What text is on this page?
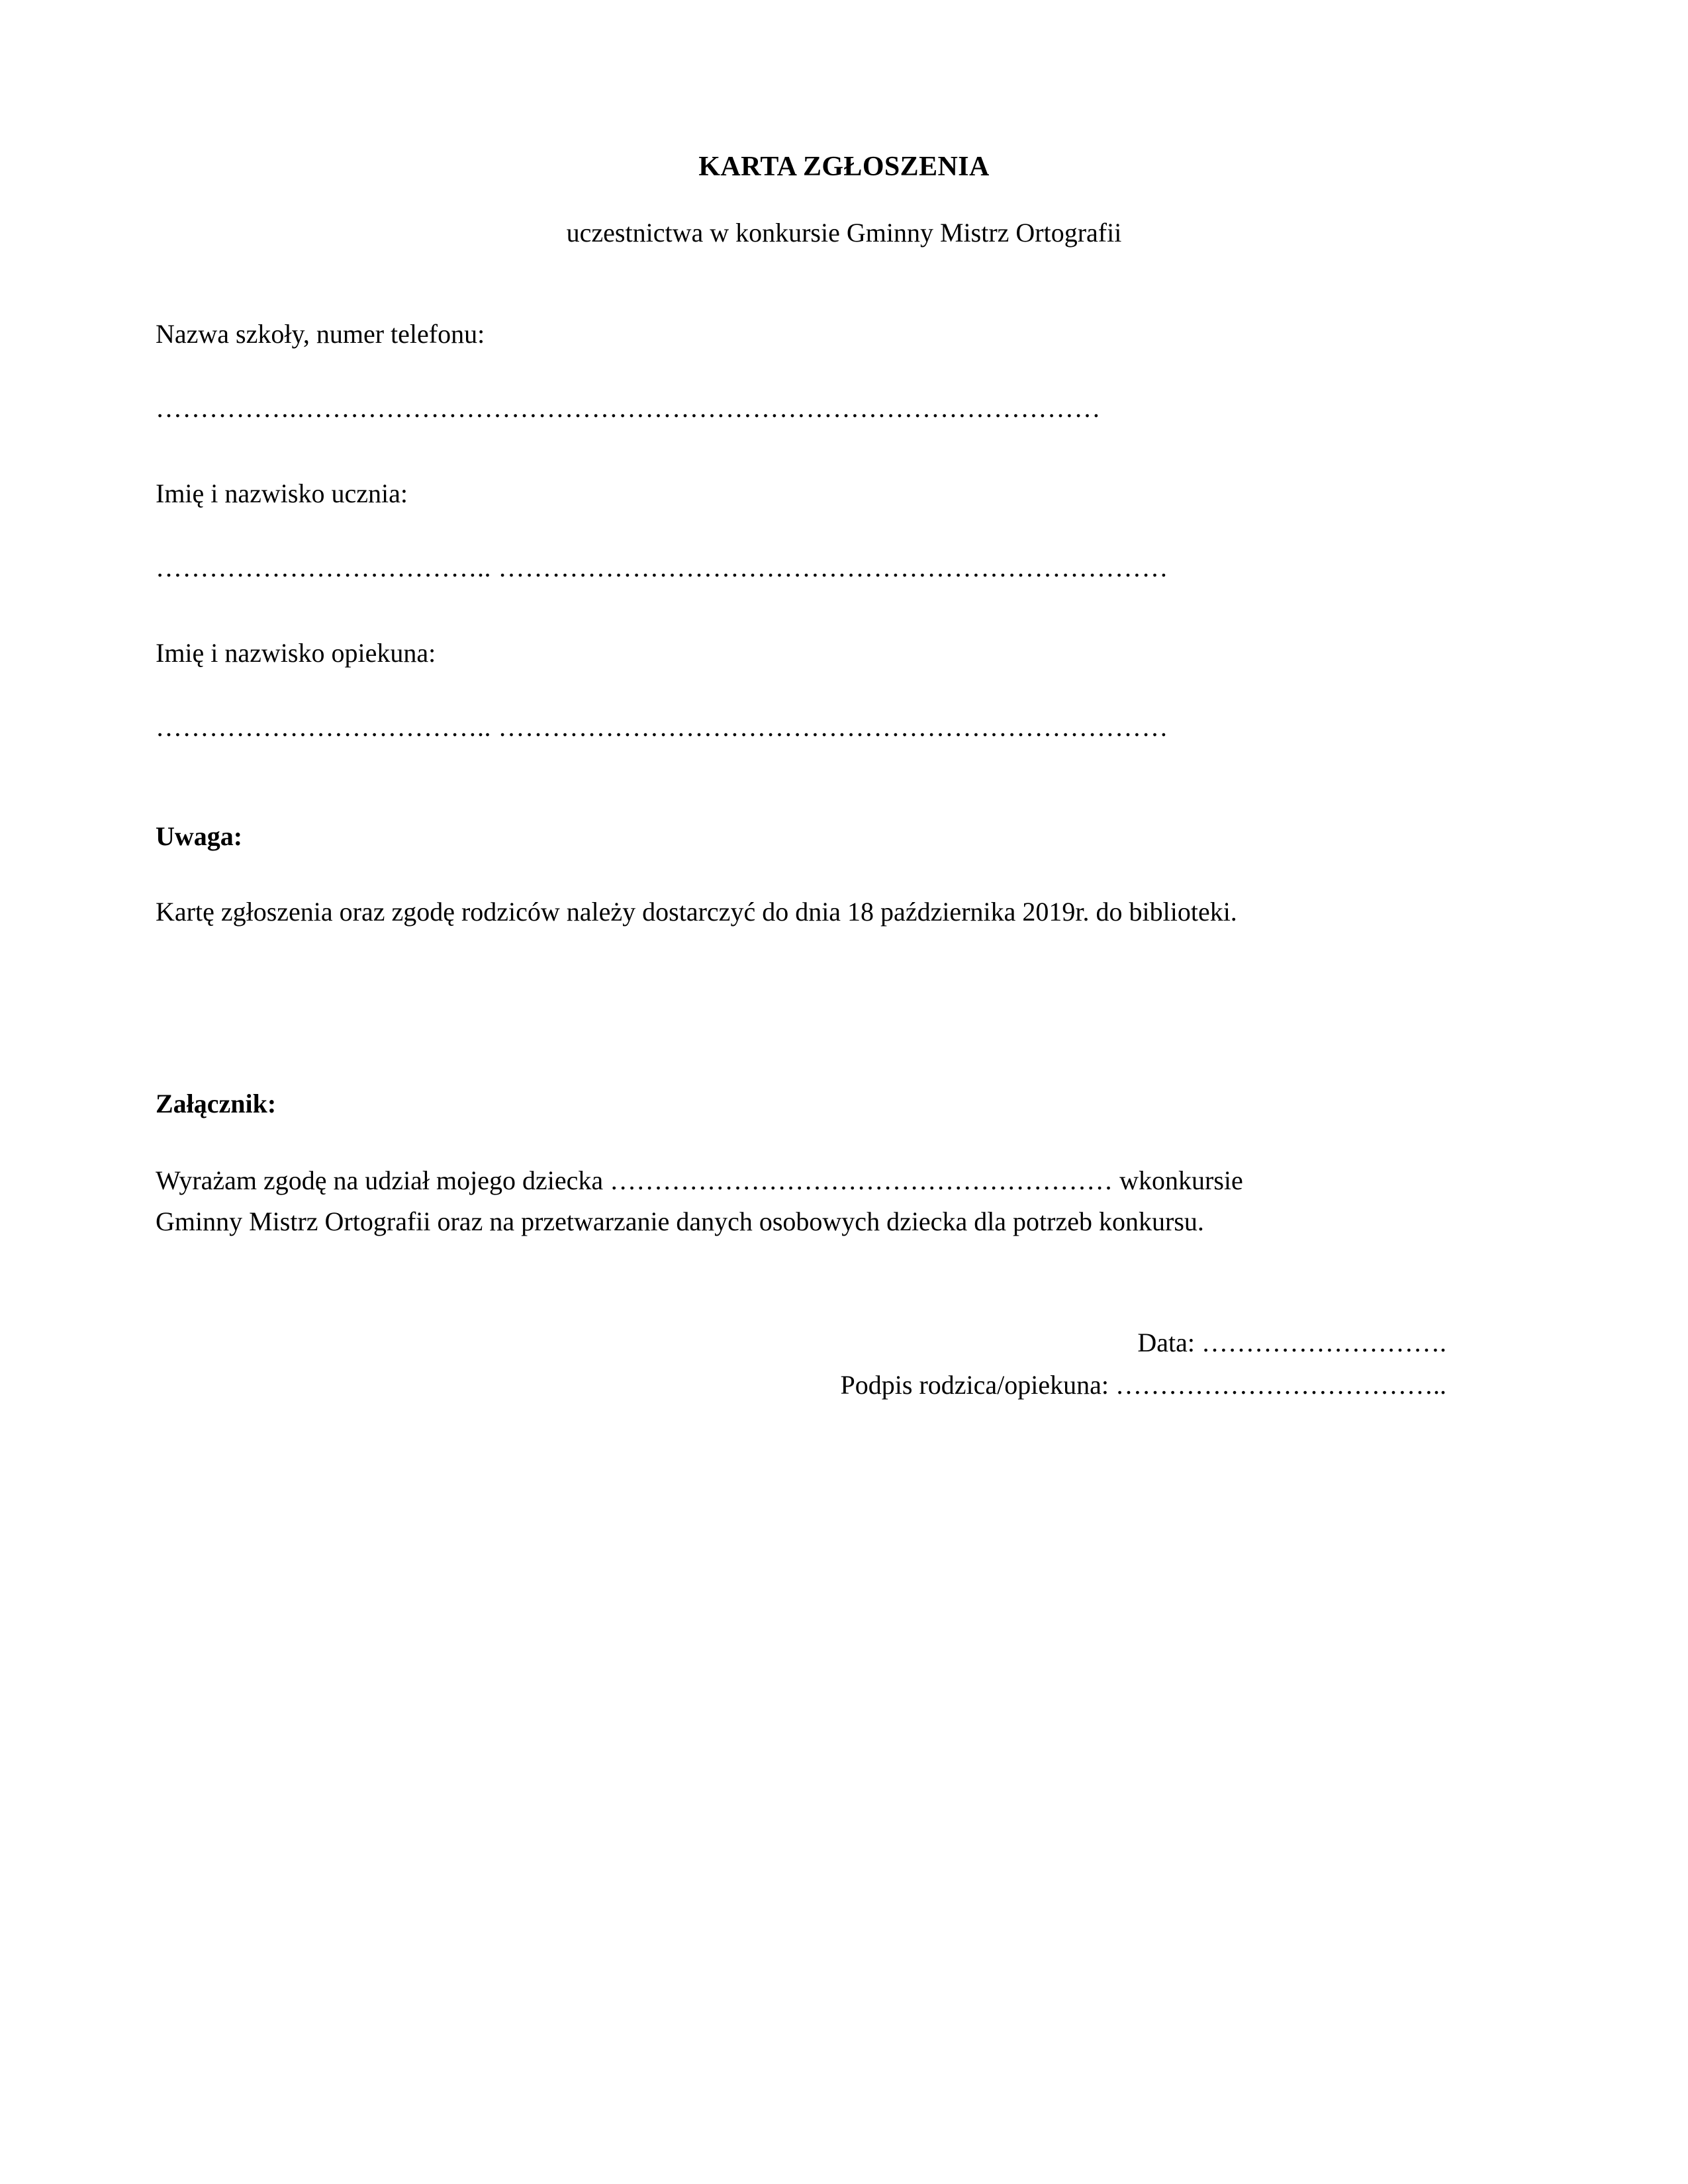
KARTA ZGŁOSZENIA

uczestnictwa w konkursie Gminny Mistrz Ortografii

Nazwa szkoły, numer telefonu:
…………….………………………………………………………………………………
Imię i nazwisko ucznia:
……………………………….. …………………………………………………………………
Imię i nazwisko opiekuna:
……………………………….. …………………………………………………………………
Uwaga:
Kartę zgłoszenia oraz zgodę rodziców należy dostarczyć do dnia 18 października 2019r. do biblioteki.
Załącznik:
Wyrażam zgodę na udział mojego dziecka ………………………………………………… wkonkursie
Gminny Mistrz Ortografii oraz na przetwarzanie danych osobowych dziecka dla potrzeb konkursu.
Data: ……………………….
Podpis rodzica/opiekuna: ………………………………..
